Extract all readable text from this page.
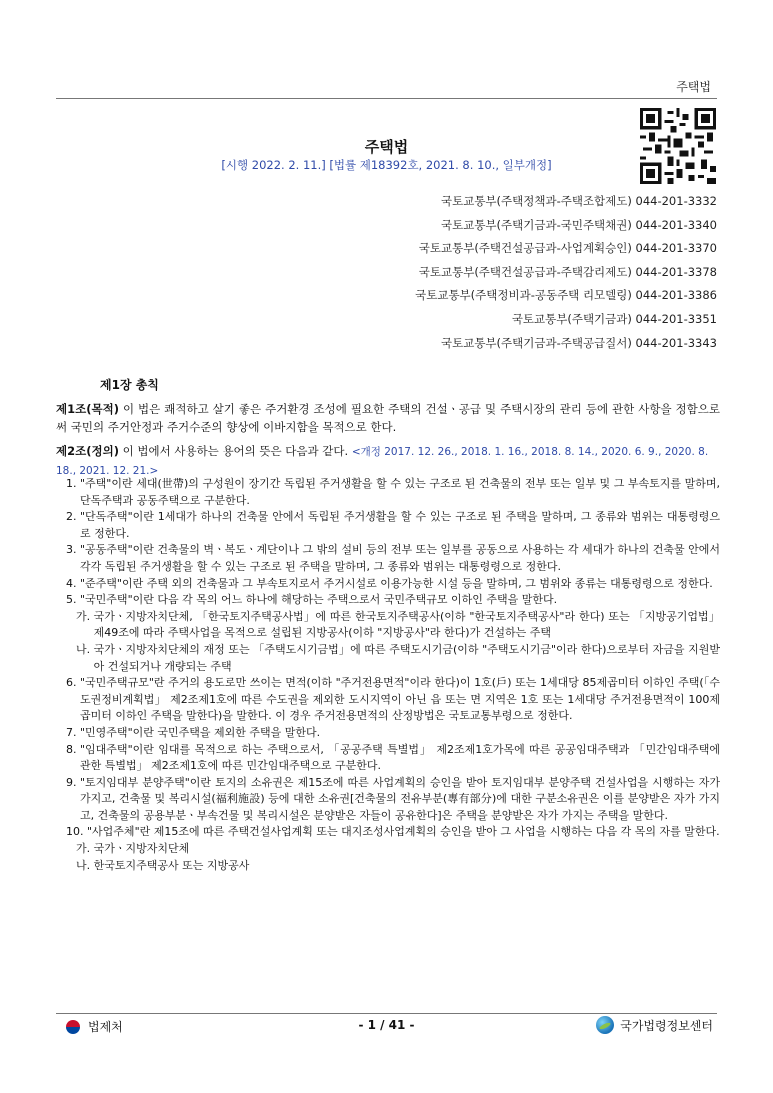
주택법
주택법
[시행 2022. 2. 11.] [법률 제18392호, 2021. 8. 10., 일부개정]
국토교통부(주택정책과-주택조합제도) 044-201-3332
국토교통부(주택기금과-국민주택채권) 044-201-3340
국토교통부(주택건설공급과-사업계획승인) 044-201-3370
국토교통부(주택건설공급과-주택감리제도) 044-201-3378
국토교통부(주택정비과-공동주택 리모델링) 044-201-3386
국토교통부(주택기금과) 044-201-3351
국토교통부(주택기금과-주택공급질서) 044-201-3343
제1장 총칙
제1조(목적) 이 법은 쾌적하고 살기 좋은 주거환경 조성에 필요한 주택의 건설ㆍ공급 및 주택시장의 관리 등에 관한 사항을 정함으로써 국민의 주거안정과 주거수준의 향상에 이바지함을 목적으로 한다.
제2조(정의) 이 법에서 사용하는 용어의 뜻은 다음과 같다. <개정 2017. 12. 26., 2018. 1. 16., 2018. 8. 14., 2020. 6. 9., 2020. 8. 18., 2021. 12. 21.>
1. "주택"이란 세대(世帶)의 구성원이 장기간 독립된 주거생활을 할 수 있는 구조로 된 건축물의 전부 또는 일부 및 그 부속토지를 말하며, 단독주택과 공동주택으로 구분한다.
2. "단독주택"이란 1세대가 하나의 건축물 안에서 독립된 주거생활을 할 수 있는 구조로 된 주택을 말하며, 그 종류와 범위는 대통령령으로 정한다.
3. "공동주택"이란 건축물의 벽ㆍ복도ㆍ계단이나 그 밖의 설비 등의 전부 또는 일부를 공동으로 사용하는 각 세대가 하나의 건축물 안에서 각각 독립된 주거생활을 할 수 있는 구조로 된 주택을 말하며, 그 종류와 범위는 대통령령으로 정한다.
4. "준주택"이란 주택 외의 건축물과 그 부속토지로서 주거시설로 이용가능한 시설 등을 말하며, 그 범위와 종류는 대통령령으로 정한다.
5. "국민주택"이란 다음 각 목의 어느 하나에 해당하는 주택으로서 국민주택규모 이하인 주택을 말한다.
가. 국가ㆍ지방자치단체, 「한국토지주택공사법」에 따른 한국토지주택공사(이하 "한국토지주택공사"라 한다) 또는 「지방공기업법」 제49조에 따라 주택사업을 목적으로 설립된 지방공사(이하 "지방공사"라 한다)가 건설하는 주택
나. 국가ㆍ지방자치단체의 재정 또는 「주택도시기금법」에 따른 주택도시기금(이하 "주택도시기금"이라 한다)으로부터 자금을 지원받아 건설되거나 개량되는 주택
6. "국민주택규모"란 주거의 용도로만 쓰이는 면적(이하 "주거전용면적"이라 한다)이 1호(戶) 또는 1세대당 85제곱미터 이하인 주택(「수도권정비계획법」 제2조제1호에 따른 수도권을 제외한 도시지역이 아닌 읍 또는 면 지역은 1호 또는 1세대당 주거전용면적이 100제곱미터 이하인 주택을 말한다)을 말한다. 이 경우 주거전용면적의 산정방법은 국토교통부령으로 정한다.
7. "민영주택"이란 국민주택을 제외한 주택을 말한다.
8. "임대주택"이란 임대를 목적으로 하는 주택으로서, 「공공주택 특별법」 제2조제1호가목에 따른 공공임대주택과 「민간임대주택에 관한 특별법」 제2조제1호에 따른 민간임대주택으로 구분한다.
9. "토지임대부 분양주택"이란 토지의 소유권은 제15조에 따른 사업계획의 승인을 받아 토지임대부 분양주택 건설사업을 시행하는 자가 가지고, 건축물 및 복리시설(福利施設) 등에 대한 소유권[건축물의 전유부분(專有部分)에 대한 구분소유권은 이를 분양받은 자가 가지고, 건축물의 공용부분ㆍ부속건물 및 복리시설은 분양받은 자들이 공유한다]은 주택을 분양받은 자가 가지는 주택을 말한다.
10. "사업주체"란 제15조에 따른 주택건설사업계획 또는 대지조성사업계획의 승인을 받아 그 사업을 시행하는 다음 각 목의 자를 말한다.
가. 국가ㆍ지방자치단체
나. 한국토지주택공사 또는 지방공사
법제처	- 1 / 41 -	국가법령정보센터
